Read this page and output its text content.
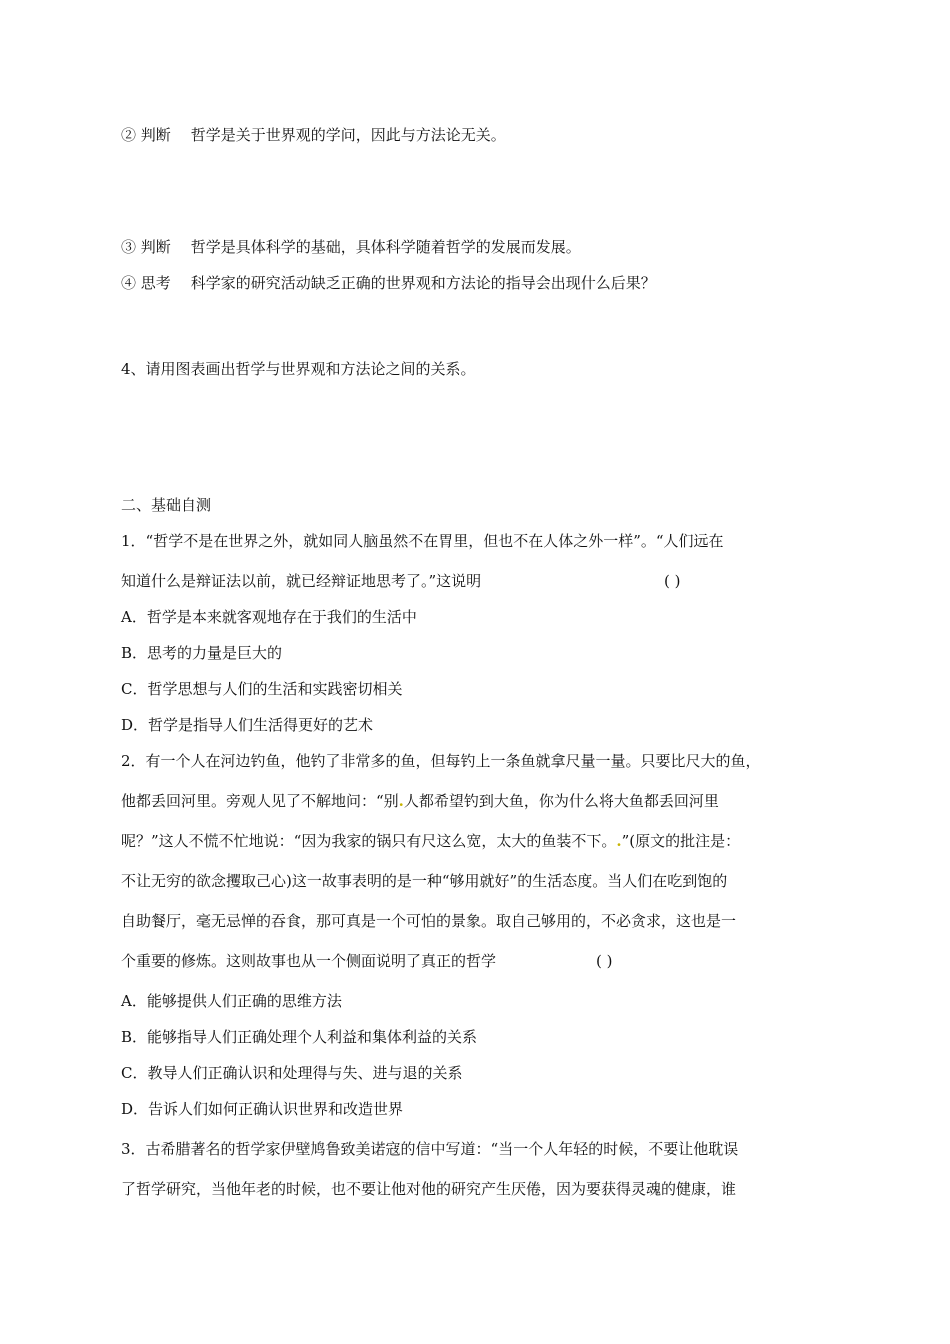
② 判断 哲学是关于世界观的学问，因此与方法论无关。
③ 判断 哲学是具体科学的基础，具体科学随着哲学的发展而发展。
④ 思考 科学家的研究活动缺乏正确的世界观和方法论的指导会出现什么后果？
4、请用图表画出哲学与世界观和方法论之间的关系。
二、基础自测
1．“哲学不是在世界之外，就如同人脑虽然不在胃里，但也不在人体之外一样”。“人们远在
知道什么是辩证法以前，就已经辩证地思考了。”这说明	( )
A．哲学是本来就客观地存在于我们的生活中
B．思考的力量是巨大的
C．哲学思想与人们的生活和实践密切相关
D．哲学是指导人们生活得更好的艺术
2．有一个人在河边钓鱼，他钓了非常多的鱼，但每钓上一条鱼就拿尺量一量。只要比尺大的鱼，
他都丢回河里。旁观人见了不解地问：“别.人都希望钓到大鱼，你为什么将大鱼都丢回河里
呢？”这人不慌不忙地说：“因为我家的锅只有尺这么宽，太大的鱼装不下。.”(原文的批注是：
不让无穷的欲念攫取己心)这一故事表明的是一种“够用就好”的生活态度。当人们在吃到饱的
自助餐厅，毫无忌惮的吞食，那可真是一个可怕的景象。取自己够用的，不必贪求，这也是一
个重要的修炼。这则故事也从一个侧面说明了真正的哲学	( )
A．能够提供人们正确的思维方法
B．能够指导人们正确处理个人利益和集体利益的关系
C．教导人们正确认识和处理得与失、进与退的关系
D．告诉人们如何正确认识世界和改造世界
3．古希腊著名的哲学家伊壁鸠鲁致美诺寇的信中写道：“当一个人年轻的时候，不要让他耽误
了哲学研究，当他年老的时候，也不要让他对他的研究产生厌倦，因为要获得灵魂的健康，谁
